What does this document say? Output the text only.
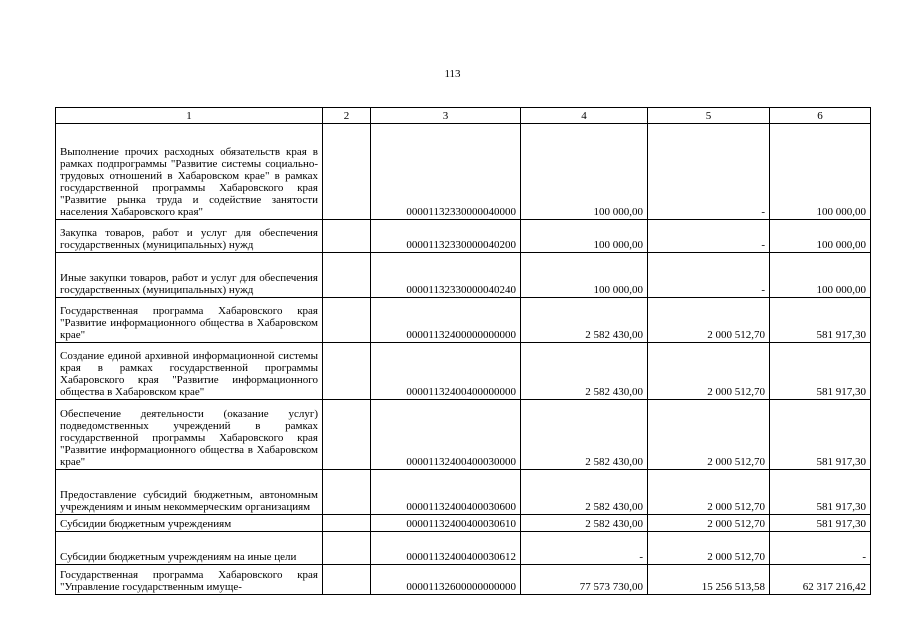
113
1	2	3	4	5	6
Выполнение прочих расходных обязательств края в рамках подпрограммы "Развитие системы социально-трудовых отношений в Хабаровском крае" в рамках государственной программы Хабаровского края "Развитие рынка труда и содействие занятости населения Хабаровского края"		00001132330000040000	100 000,00	-	100 000,00
Закупка товаров, работ и услуг для обеспечения государственных (муниципальных) нужд		00001132330000040200	100 000,00	-	100 000,00
Иные закупки товаров, работ и услуг для обеспечения государственных (муниципальных) нужд		00001132330000040240	100 000,00	-	100 000,00
Государственная программа Хабаровского края "Развитие информационного общества в Хабаровском крае"		00001132400000000000	2 582 430,00	2 000 512,70	581 917,30
Создание единой архивной информационной системы края в рамках государственной программы Хабаровского края "Развитие информационного общества в Хабаровском крае"		00001132400400000000	2 582 430,00	2 000 512,70	581 917,30
Обеспечение деятельности (оказание услуг) подведомственных учреждений в рамках государственной программы Хабаровского края "Развитие информационного общества в Хабаровском крае"		00001132400400030000	2 582 430,00	2 000 512,70	581 917,30
Предоставление субсидий бюджетным, автономным учреждениям и иным некоммерческим организациям		00001132400400030600	2 582 430,00	2 000 512,70	581 917,30
Субсидии бюджетным учреждениям		00001132400400030610	2 582 430,00	2 000 512,70	581 917,30
Субсидии бюджетным учреждениям на иные цели		00001132400400030612	-	2 000 512,70	-
Государственная программа Хабаровского края "Управление государственным имуще-		00001132600000000000	77 573 730,00	15 256 513,58	62 317 216,42
